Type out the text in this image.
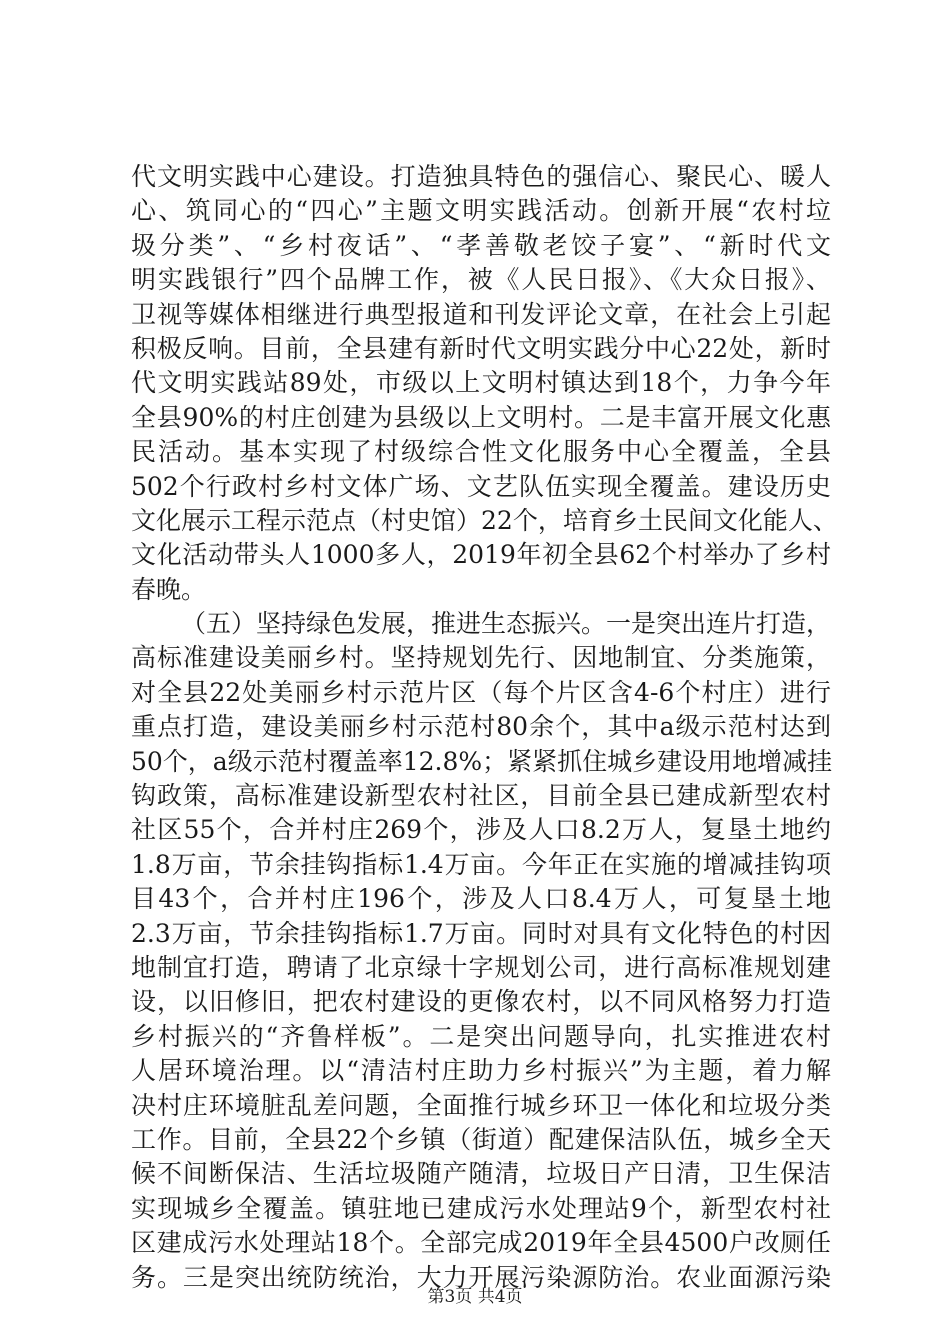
代文明实践中心建设。打造独具特色的强信心、聚民心、暖人
心、筑同心的“四心”主题文明实践活动。创新开展“农村垃
圾分类”、“乡村夜话”、“孝善敬老饺子宴”、“新时代文
明实践银行”四个品牌工作，被《人民日报》、《大众日报》、
卫视等媒体相继进行典型报道和刊发评论文章，在社会上引起
积极反响。目前，全县建有新时代文明实践分中心22处，新时
代文明实践站89处，市级以上文明村镇达到18个，力争今年
全县90%的村庄创建为县级以上文明村。二是丰富开展文化惠
民活动。基本实现了村级综合性文化服务中心全覆盖，全县
502个行政村乡村文体广场、文艺队伍实现全覆盖。建设历史
文化展示工程示范点（村史馆）22个，培育乡土民间文化能人、
文化活动带头人1000多人，2019年初全县62个村举办了乡村
春晚。
（五）坚持绿色发展，推进生态振兴。一是突出连片打造，
高标准建设美丽乡村。坚持规划先行、因地制宜、分类施策，
对全县22处美丽乡村示范片区（每个片区含4-6个村庄）进行
重点打造，建设美丽乡村示范村80余个，其中a级示范村达到
50个，a级示范村覆盖率12.8%；紧紧抓住城乡建设用地增减挂
钩政策，高标准建设新型农村社区，目前全县已建成新型农村
社区55个，合并村庄269个，涉及人口8.2万人，复垦土地约
1.8万亩，节余挂钩指标1.4万亩。今年正在实施的增减挂钩项
目43个，合并村庄196个，涉及人口8.4万人，可复垦土地
2.3万亩，节余挂钩指标1.7万亩。同时对具有文化特色的村因
地制宜打造，聘请了北京绿十字规划公司，进行高标准规划建
设，以旧修旧，把农村建设的更像农村，以不同风格努力打造
乡村振兴的“齐鲁样板”。二是突出问题导向，扎实推进农村
人居环境治理。以“清洁村庄助力乡村振兴”为主题，着力解
决村庄环境脏乱差问题，全面推行城乡环卫一体化和垃圾分类
工作。目前，全县22个乡镇（街道）配建保洁队伍，城乡全天
候不间断保洁、生活垃圾随产随清，垃圾日产日清，卫生保洁
实现城乡全覆盖。镇驻地已建成污水处理站9个，新型农村社
区建成污水处理站18个。全部完成2019年全县4500户改厕任
务。三是突出统防统治，大力开展污染源防治。农业面源污染
第3页 共4页
